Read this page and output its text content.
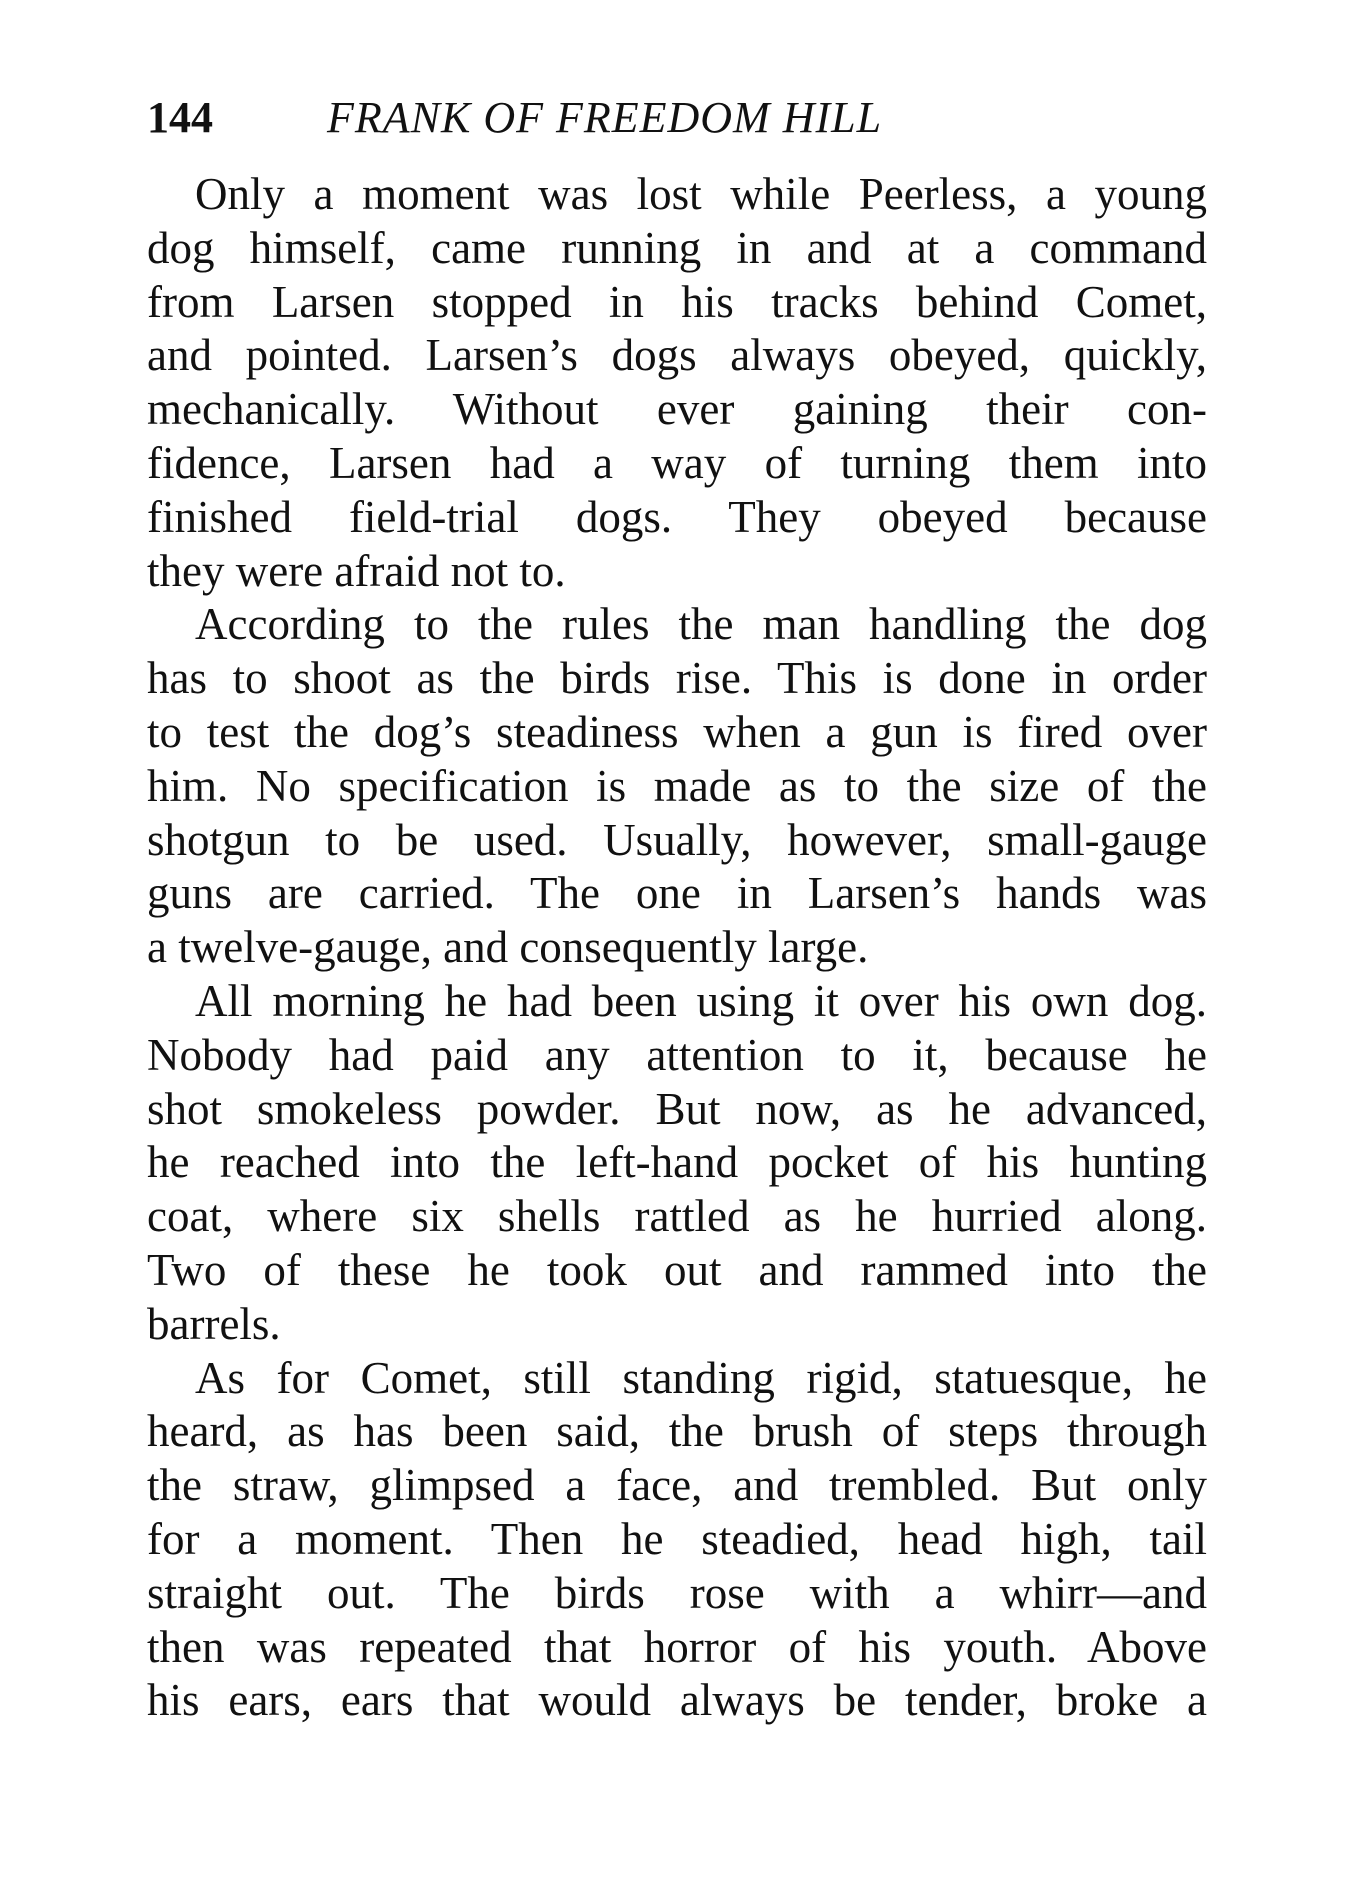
144	FRANK OF FREEDOM HILL
Only a moment was lost while Peerless, a young
dog himself, came running in and at a command
from Larsen stopped in his tracks behind Comet,
and pointed. Larsen’s dogs always obeyed, quickly,
mechanically. Without ever gaining their con-
fidence, Larsen had a way of turning them into
finished field-trial dogs. They obeyed because
they were afraid not to.
According to the rules the man handling the dog
has to shoot as the birds rise. This is done in order
to test the dog’s steadiness when a gun is fired over
him. No specification is made as to the size of the
shotgun to be used. Usually, however, small-gauge
guns are carried. The one in Larsen’s hands was
a twelve-gauge, and consequently large.
All morning he had been using it over his own dog.
Nobody had paid any attention to it, because he
shot smokeless powder. But now, as he advanced,
he reached into the left-hand pocket of his hunting
coat, where six shells rattled as he hurried along.
Two of these he took out and rammed into the
barrels.
As for Comet, still standing rigid, statuesque, he
heard, as has been said, the brush of steps through
the straw, glimpsed a face, and trembled. But only
for a moment. Then he steadied, head high, tail
straight out. The birds rose with a whirr—and
then was repeated that horror of his youth. Above
his ears, ears that would always be tender, broke a
